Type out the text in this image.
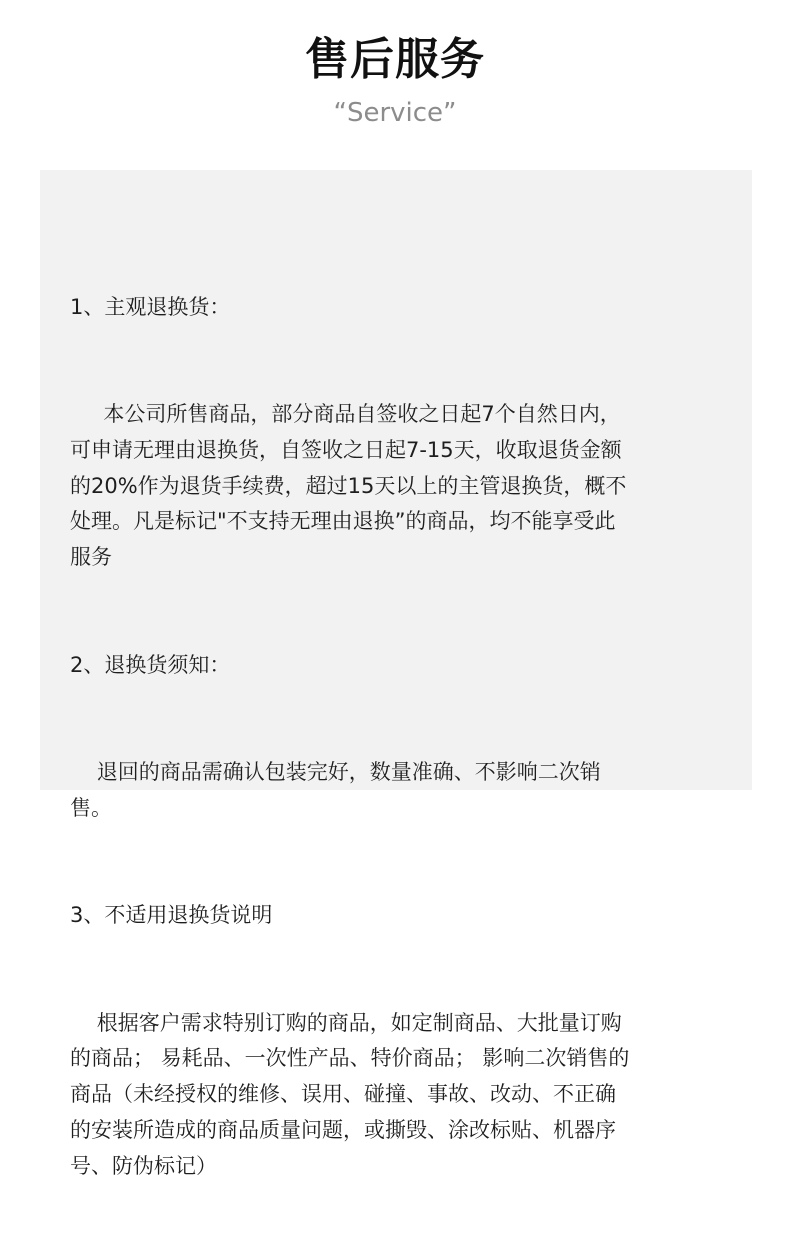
售后服务
“Service”

1、主观退换货：

本公司所售商品，部分商品自签收之日起7个自然日内，
可申请无理由退换货，自签收之日起7-15天，收取退货金额
的20%作为退货手续费，超过15天以上的主管退换货，概不
处理。凡是标记"不支持无理由退换”的商品，均不能享受此
服务

2、退换货须知：

退回的商品需确认包装完好，数量准确、不影响二次销
售。

3、不适用退换货说明

根据客户需求特别订购的商品，如定制商品、大批量订购
的商品； 易耗品、一次性产品、特价商品； 影响二次销售的
商品（未经授权的维修、误用、碰撞、事故、改动、不正确
的安装所造成的商品质量问题，或撕毁、涂改标贴、机器序
号、防伪标记）
